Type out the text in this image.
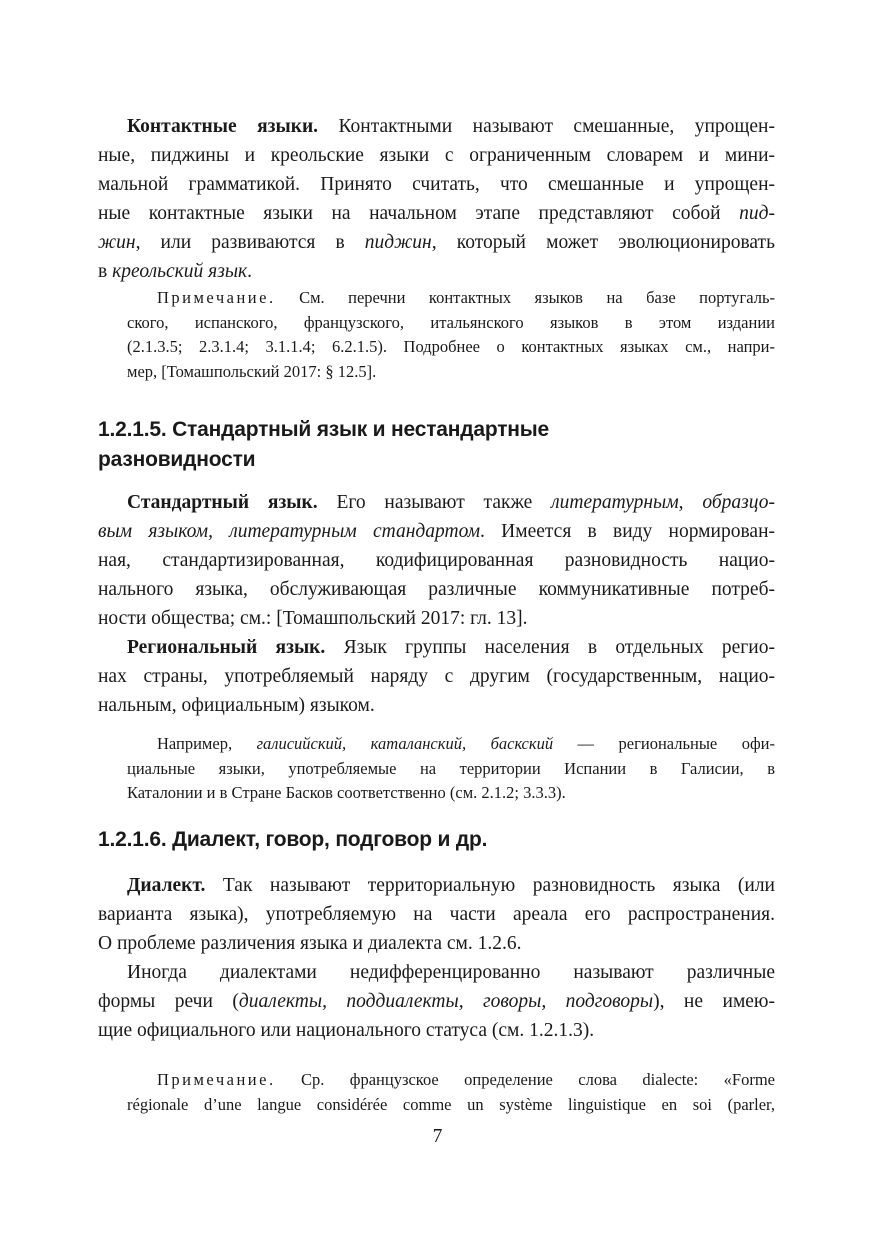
Контактные языки. Контактными называют смешанные, упрощен-
ные, пиджины и креольские языки с ограниченным словарем и мини-
мальной грамматикой. Принято считать, что смешанные и упрощен-
ные контактные языки на начальном этапе представляют собой пид-
жин, или развиваются в пиджин, который может эволюционировать
в креольский язык.
Примечание. См. перечни контактных языков на базе португаль-
ского, испанского, французского, итальянского языков в этом издании
(2.1.3.5; 2.3.1.4; 3.1.1.4; 6.2.1.5). Подробнее о контактных языках см., напри-
мер, [Томашпольский 2017: § 12.5].
1.2.1.5. Стандартный язык и нестандартные
разновидности
Стандартный язык. Его называют также литературным, образцо-
вым языком, литературным стандартом. Имеется в виду нормирован-
ная, стандартизированная, кодифицированная разновидность нацио-
нального языка, обслуживающая различные коммуникативные потреб-
ности общества; см.: [Томашпольский 2017: гл. 13].
Региональный язык. Язык группы населения в отдельных регио-
нах страны, употребляемый наряду с другим (государственным, нацио-
нальным, официальным) языком.
Например, галисийский, каталанский, баскский — региональные офи-
циальные языки, употребляемые на территории Испании в Галисии, в
Каталонии и в Стране Басков соответственно (см. 2.1.2; 3.3.3).
1.2.1.6. Диалект, говор, подговор и др.
Диалект. Так называют территориальную разновидность языка (или
варианта языка), употребляемую на части ареала его распространения.
О проблеме различения языка и диалекта см. 1.2.6.
Иногда диалектами недифференцированно называют различные
формы речи (диалекты, поддиалекты, говоры, подговоры), не имею-
щие официального или национального статуса (см. 1.2.1.3).
Примечание. Ср. французское определение слова dialecte: «Forme
régionale d’une langue considérée comme un système linguistique en soi (parler,
7
